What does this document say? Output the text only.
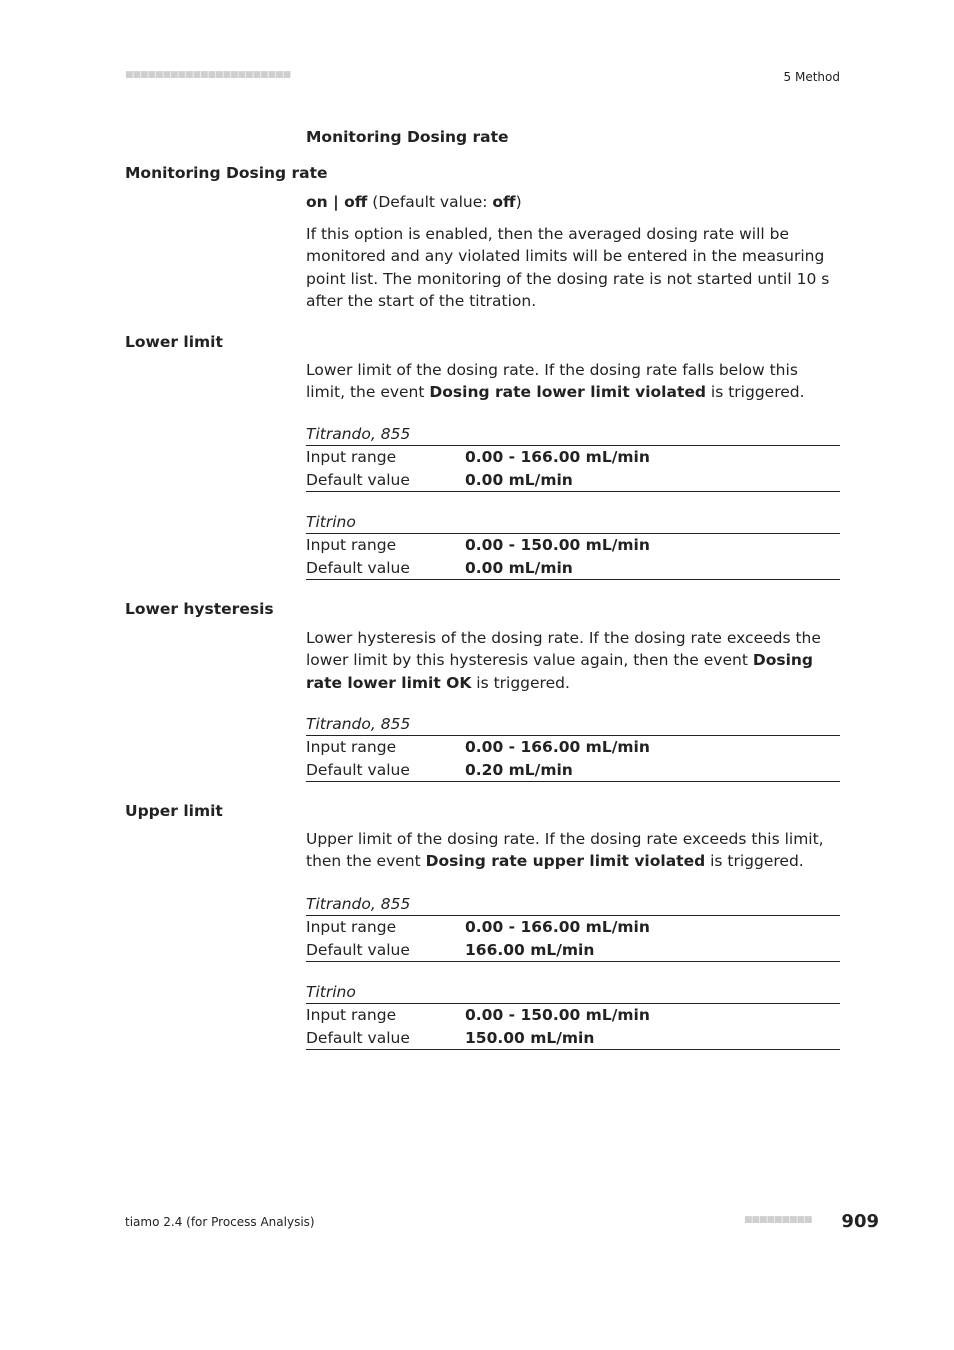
■■■■■■■■■■■■■■■■■■■■■■	5 Method
Monitoring Dosing rate
Monitoring Dosing rate
on | off (Default value: off)
If this option is enabled, then the averaged dosing rate will be monitored and any violated limits will be entered in the measuring point list. The monitoring of the dosing rate is not started until 10 s after the start of the titration.
Lower limit
Lower limit of the dosing rate. If the dosing rate falls below this limit, the event Dosing rate lower limit violated is triggered.
Titrando, 855
Input range	0.00 - 166.00 mL/min
Default value	0.00 mL/min
Titrino
Input range	0.00 - 150.00 mL/min
Default value	0.00 mL/min
Lower hysteresis
Lower hysteresis of the dosing rate. If the dosing rate exceeds the lower limit by this hysteresis value again, then the event Dosing rate lower limit OK is triggered.
Titrando, 855
Input range	0.00 - 166.00 mL/min
Default value	0.20 mL/min
Upper limit
Upper limit of the dosing rate. If the dosing rate exceeds this limit, then the event Dosing rate upper limit violated is triggered.
Titrando, 855
Input range	0.00 - 166.00 mL/min
Default value	166.00 mL/min
Titrino
Input range	0.00 - 150.00 mL/min
Default value	150.00 mL/min
tiamo 2.4 (for Process Analysis)	■■■■■■■■■ 909
